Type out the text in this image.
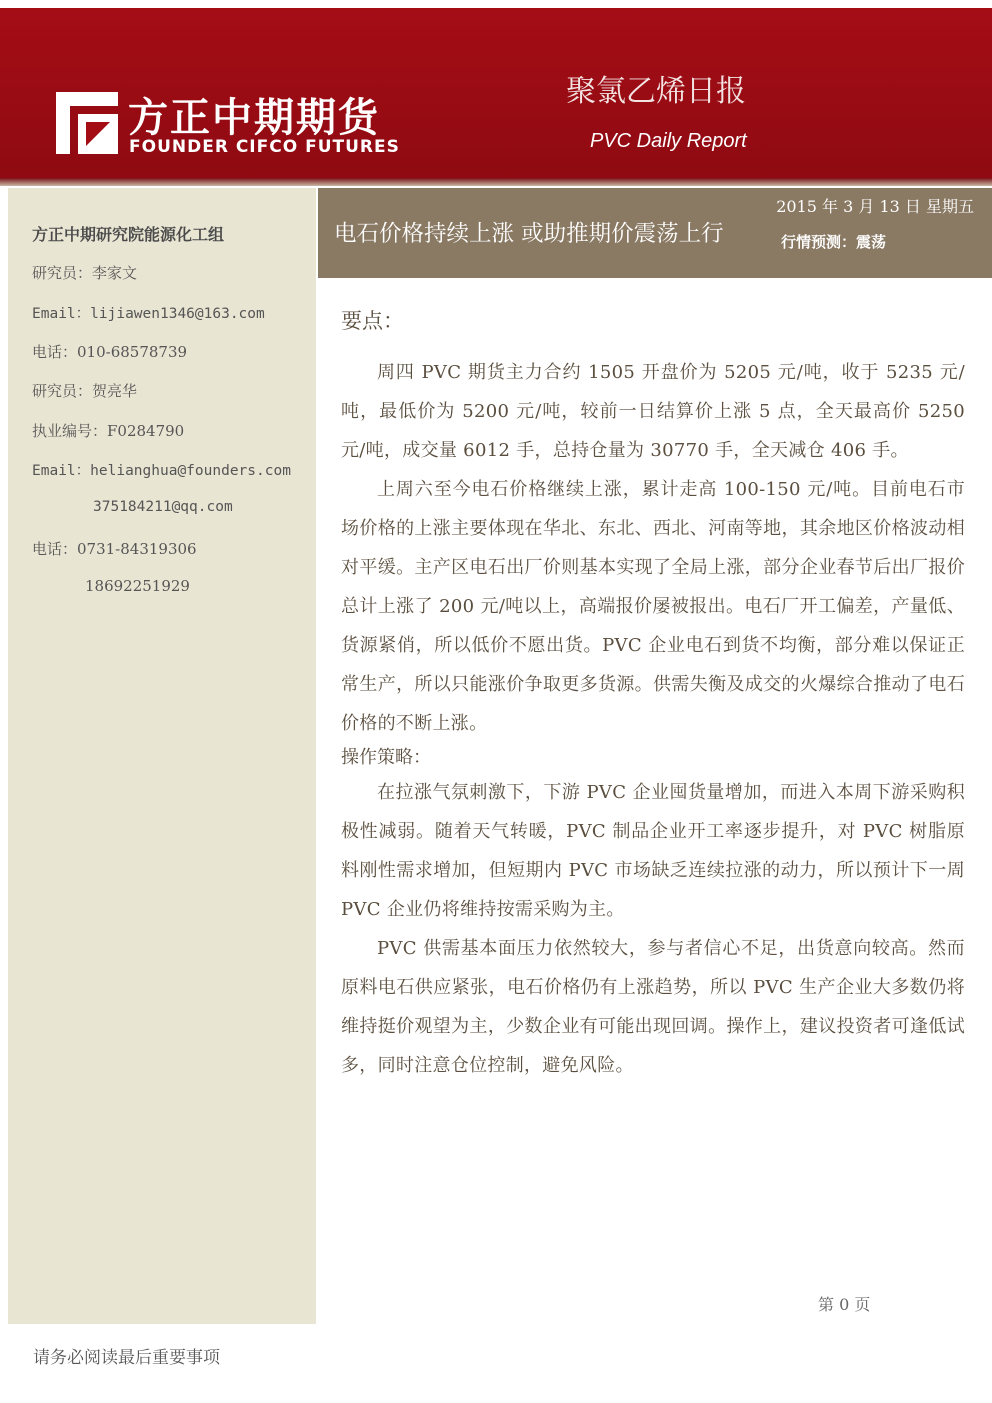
方正中期期货
FOUNDER CIFCO FUTURES
聚氯乙烯日报
PVC Daily Report
方正中期研究院能源化工组
研究员：李家文
Email：lijiawen1346@163.com
电话：010-68578739
研究员：贺亮华
执业编号：F0284790
Email：helianghua@founders.com
375184211@qq.com
电话：0731-84319306
18692251929
2015 年 3 月 13 日 星期五
电石价格持续上涨 或助推期价震荡上行	行情预测：震荡

要点：

周四 PVC 期货主力合约 1505 开盘价为 5205 元/吨，收于 5235 元/吨，最低价为 5200 元/吨，较前一日结算价上涨 5 点，全天最高价 5250 元/吨，成交量 6012 手，总持仓量为 30770 手，全天减仓 406 手。

上周六至今电石价格继续上涨，累计走高 100-150 元/吨。目前电石市场价格的上涨主要体现在华北、东北、西北、河南等地，其余地区价格波动相对平缓。主产区电石出厂价则基本实现了全局上涨，部分企业春节后出厂报价总计上涨了 200 元/吨以上，高端报价屡被报出。电石厂开工偏差，产量低、货源紧俏，所以低价不愿出货。PVC 企业电石到货不均衡，部分难以保证正常生产，所以只能涨价争取更多货源。供需失衡及成交的火爆综合推动了电石价格的不断上涨。

操作策略：

在拉涨气氛刺激下，下游 PVC 企业囤货量增加，而进入本周下游采购积极性减弱。随着天气转暖，PVC 制品企业开工率逐步提升，对 PVC 树脂原料刚性需求增加，但短期内 PVC 市场缺乏连续拉涨的动力，所以预计下一周 PVC 企业仍将维持按需采购为主。

PVC 供需基本面压力依然较大，参与者信心不足，出货意向较高。然而原料电石供应紧张，电石价格仍有上涨趋势，所以 PVC 生产企业大多数仍将维持挺价观望为主，少数企业有可能出现回调。操作上，建议投资者可逢低试多，同时注意仓位控制，避免风险。

第 0 页
请务必阅读最后重要事项
